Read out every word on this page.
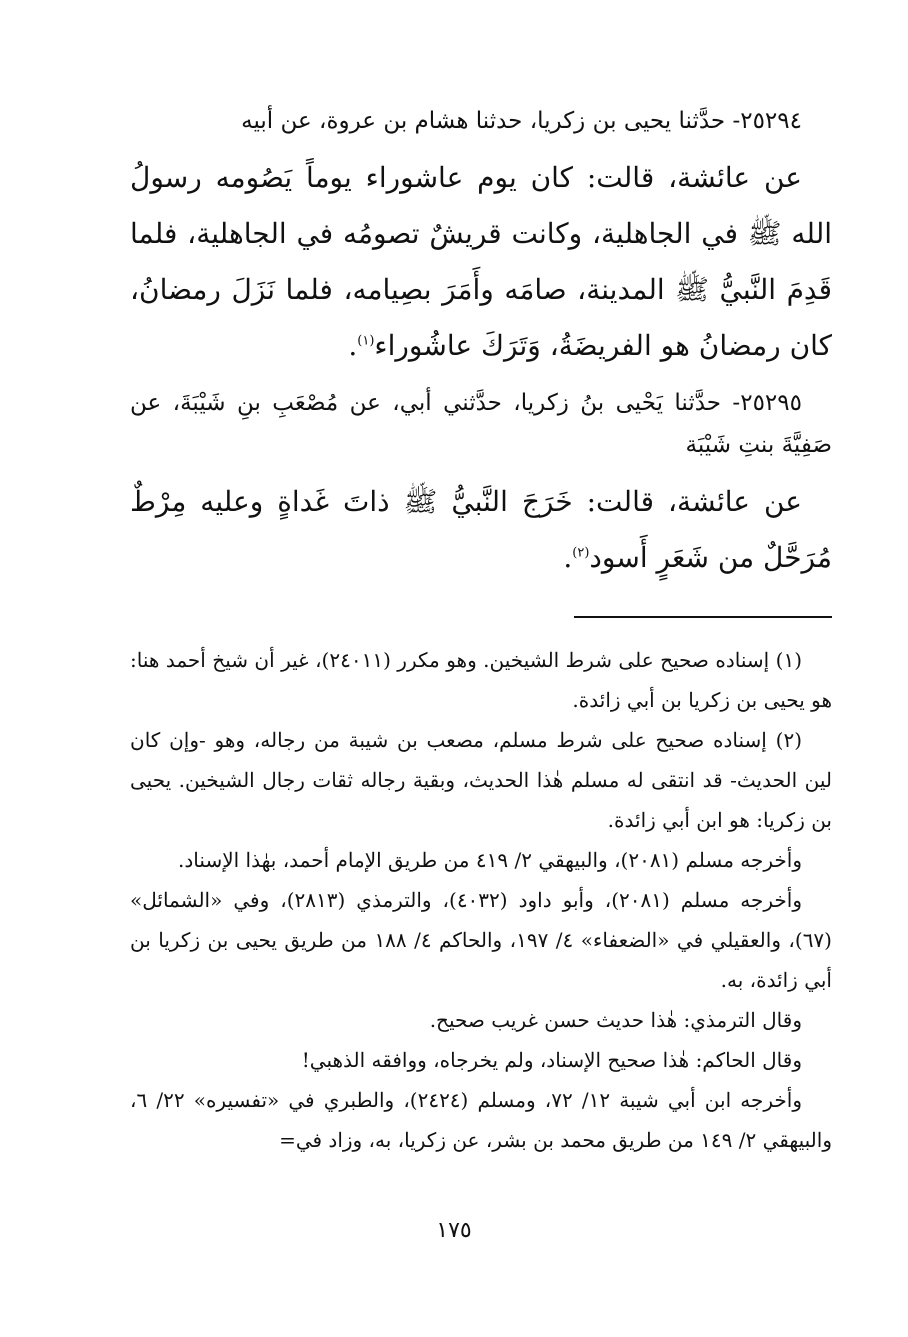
٢٥٢٩٤- حدَّثنا يحيى بن زكريا، حدثنا هشام بن عروة، عن أبيه

عن عائشة، قالت: كان يوم عاشوراء يوماً يَصُومه رسولُ الله ﷺ في الجاهلية، وكانت قريشٌ تصومُه في الجاهلية، فلما قَدِمَ النَّبيُّ ﷺ المدينة، صامَه وأَمَرَ بصِيامه، فلما نَزَلَ رمضانُ، كان رمضانُ هو الفريضَةُ، وَتَرَكَ عاشُوراء$^{(١)}$.

٢٥٢٩٥- حدَّثنا يَحْيى بنُ زكريا، حدَّثني أبي، عن مُصْعَبِ بنِ شَيْبَةَ، عن صَفِيَّةَ بنتِ شَيْبَة

عن عائشة، قالت: خَرَجَ النَّبيُّ ﷺ ذاتَ غَداةٍ وعليه مِرْطٌ مُرَحَّلٌ من شَعَرٍ أَسود$^{(٢)}$.

(١) إسناده صحيح على شرط الشيخين. وهو مكرر (٢٤٠١١)، غير أن شيخ أحمد هنا: هو يحيى بن زكريا بن أبي زائدة.

(٢) إسناده صحيح على شرط مسلم، مصعب بن شيبة من رجاله، وهو -وإن كان لين الحديث- قد انتقى له مسلم هٰذا الحديث، وبقية رجاله ثقات رجال الشيخين. يحيى بن زكريا: هو ابن أبي زائدة.

وأخرجه مسلم (٢٠٨١)، والبيهقي ٢/ ٤١٩ من طريق الإمام أحمد، بهٰذا الإسناد.

وأخرجه مسلم (٢٠٨١)، وأبو داود (٤٠٣٢)، والترمذي (٢٨١٣)، وفي «الشمائل» (٦٧)، والعقيلي في «الضعفاء» ٤/ ١٩٧، والحاكم ٤/ ١٨٨ من طريق يحيى بن زكريا بن أبي زائدة، به.

وقال الترمذي: هٰذا حديث حسن غريب صحيح.

وقال الحاكم: هٰذا صحيح الإسناد، ولم يخرجاه، ووافقه الذهبي!

وأخرجه ابن أبي شيبة ١٢/ ٧٢، ومسلم (٢٤٢٤)، والطبري في «تفسيره» ٢٢/ ٦، والبيهقي ٢/ ١٤٩ من طريق محمد بن بشر، عن زكريا، به، وزاد في=

١٧٥
